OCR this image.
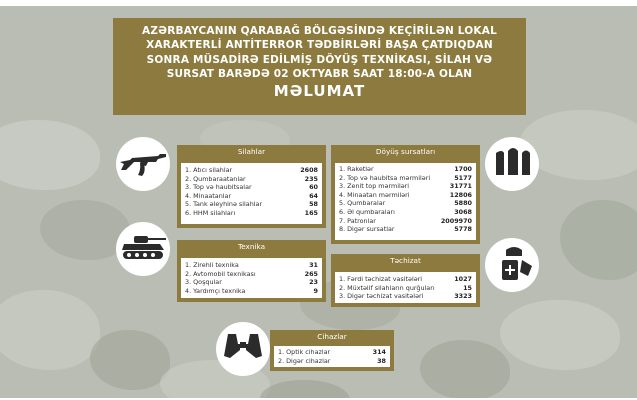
AZƏRBAYCANIN QARABAĞ BÖLGƏSİNDƏ KEÇİRİLƏN LOKAL
XARAKTERLİ ANTİTERROR TƏDBİRLƏRİ BAŞA ÇATDIQDAN
SONRA MÜSADİRƏ EDİLMİŞ DÖYÜŞ TEXNİKASI, SİLAH VƏ
SURSAT BARƏDƏ 02 OKTYABR SAAT 18:00-A OLAN
MƏLUMAT
Silahlar
1. Atıcı silahlar	2608
2. Qumbaraatanlar	235
3. Top və haubitsalar	60
4. Minaatanlar	64
5. Tank əleyhinə silahlar	58
6. HHM silahları	165
Döyüş sursatları
1. Raketlər	1700
2. Top və haubitsa mərmiləri	5177
3. Zenit top mərmiləri	31771
4. Minaatan mərmiləri	12806
5. Qumbaralar	5880
6. Əl qumbaraları	3068
7. Patronlar	2009970
8. Digər sursatlar	5778
Texnika
1. Zirehli texnika	31
2. Avtomobil texnikası	265
3. Qoşqular	23
4. Yardımçı texnika	9
Təchizat
1. Fərdi təchizat vasitələri	1027
2. Müxtəlif silahların qurğuları	15
3. Digər təchizat vasitələri	3323
Cihazlar
1. Optik cihazlar	314
2. Digər cihazlar	38
